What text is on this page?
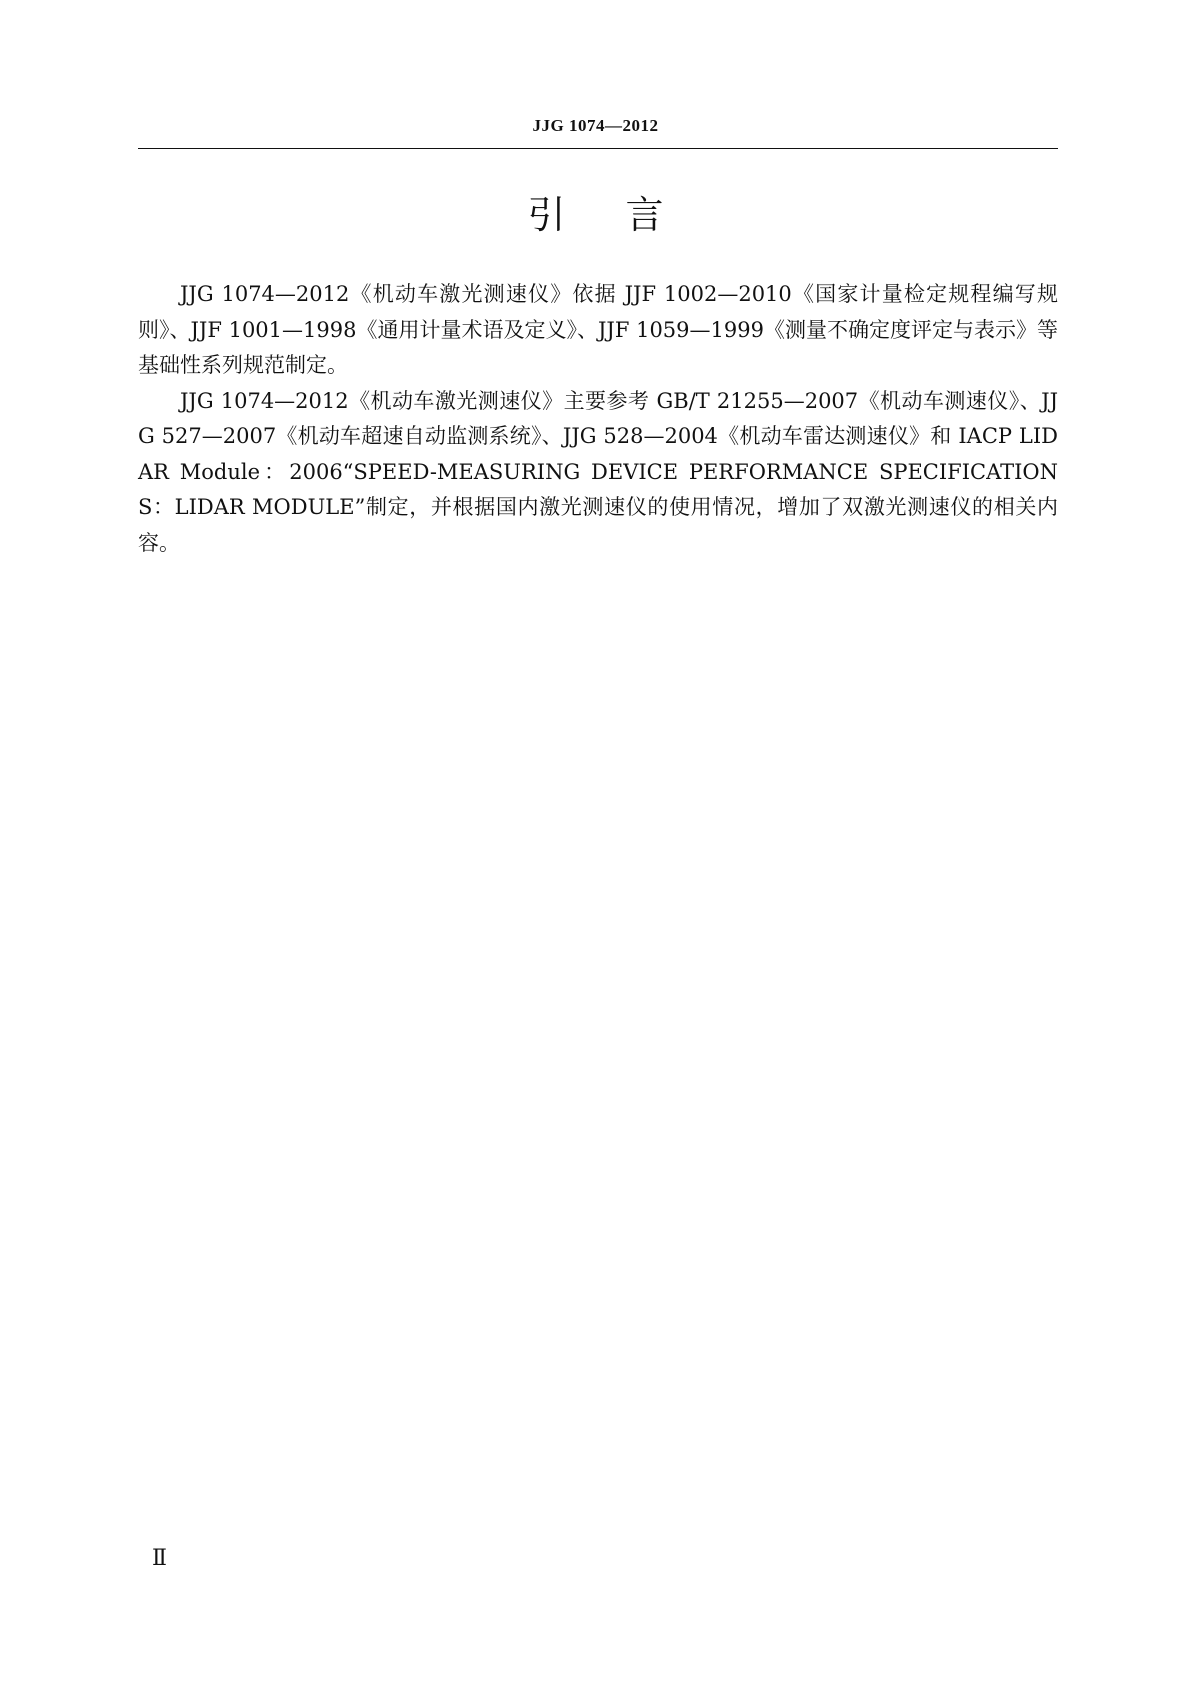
JJG 1074—2012
引言

JJG 1074—2012《机动车激光测速仪》依据 JJF 1002—2010《国家计量检定规程编写规则》、JJF 1001—1998《通用计量术语及定义》、JJF 1059—1999《测量不确定度评定与表示》等基础性系列规范制定。

JJG 1074—2012《机动车激光测速仪》主要参考 GB/T 21255—2007《机动车测速仪》、JJG 527—2007《机动车超速自动监测系统》、JJG 528—2004《机动车雷达测速仪》和 IACP LIDAR Module：2006“SPEED-MEASURING DEVICE PERFORMANCE SPECIFICATIONS：LIDAR MODULE”制定，并根据国内激光测速仪的使用情况，增加了双激光测速仪的相关内容。

Ⅱ
